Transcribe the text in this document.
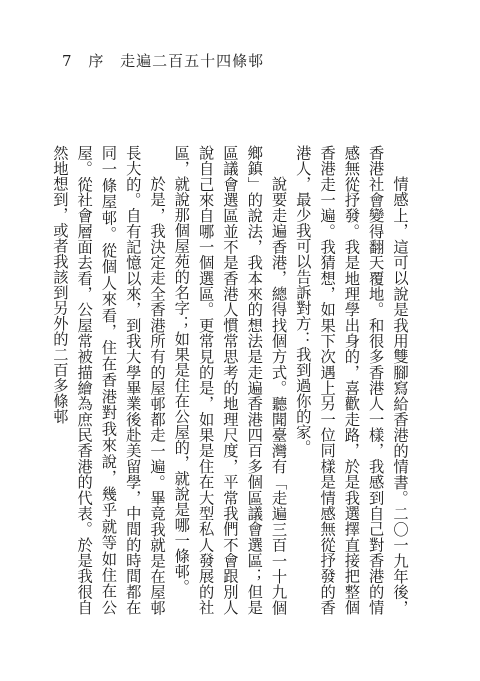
7 序 走遍二百五十四條邨

情感上，這可以說是我用雙腳寫給香港的情書。二〇一九年後，香港社會變得翻天覆地。和很多香港人一樣，我感到自己對香港的情感無從抒發。我是地理學出身的，喜歡走路，於是我選擇直接把整個香港走一遍。我猜想，如果下次遇上另一位同樣是情感無從抒發的香港人，最少我可以告訴對方：我到過你的家。

說要走遍香港，總得找個方式。聽聞臺灣有「走遍三百一十九個鄉鎮」的說法，我本來的想法是走遍香港四百多個區議會選區；但是區議會選區並不是香港人慣常思考的地理尺度，平常我們不會跟別人說自己來自哪一個選區。更常見的是，如果是住在大型私人發展的社區，就說那個屋苑的名字；如果是住在公屋的，就說是哪一條邨。

於是，我決定走全香港所有的屋邨都走一遍。畢竟我就是在屋邨長大的。自有記憶以來，到我大學畢業後赴美留學，中間的時間都在同一條屋邨。從個人來看，住在香港對我來說，幾乎就等如住在公屋。從社會層面去看，公屋常被描繪為庶民香港的代表。於是我很自然地想到，或者我該到另外的二百多條邨
